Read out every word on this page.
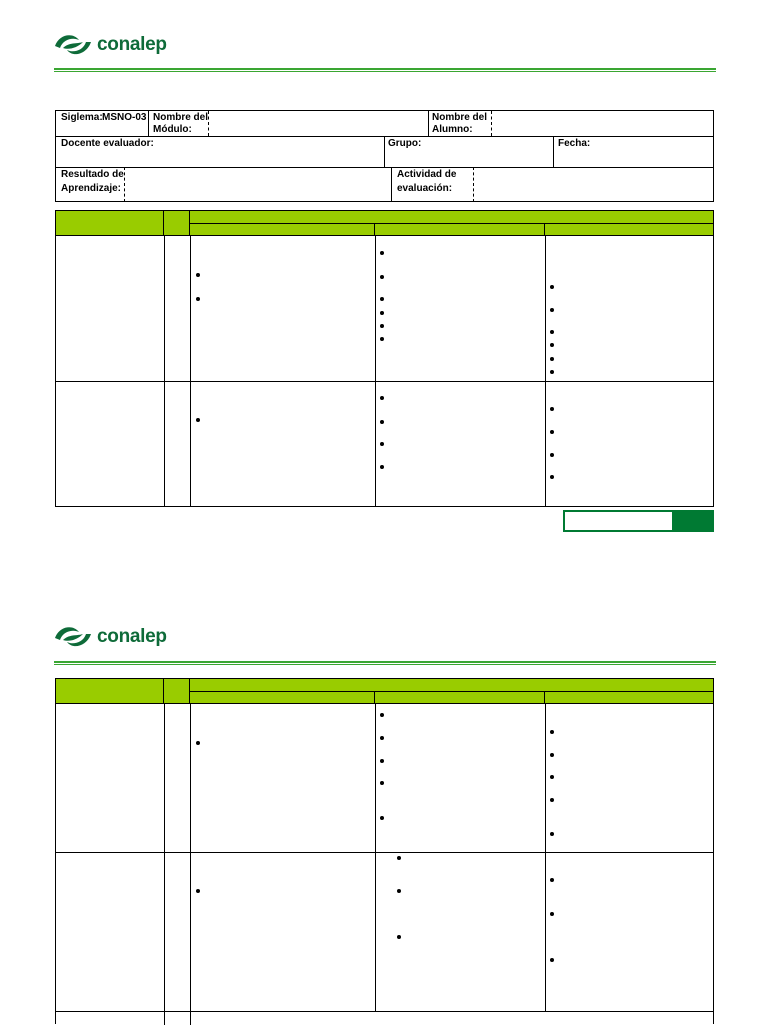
conalep
Siglema: MSNO-03 Nombre del
Módulo:
Nombre del
Alumno:
Docente evaluador:	Grupo:	Fecha:
Resultado de
Aprendizaje:
Actividad de
evaluación:
conalep
